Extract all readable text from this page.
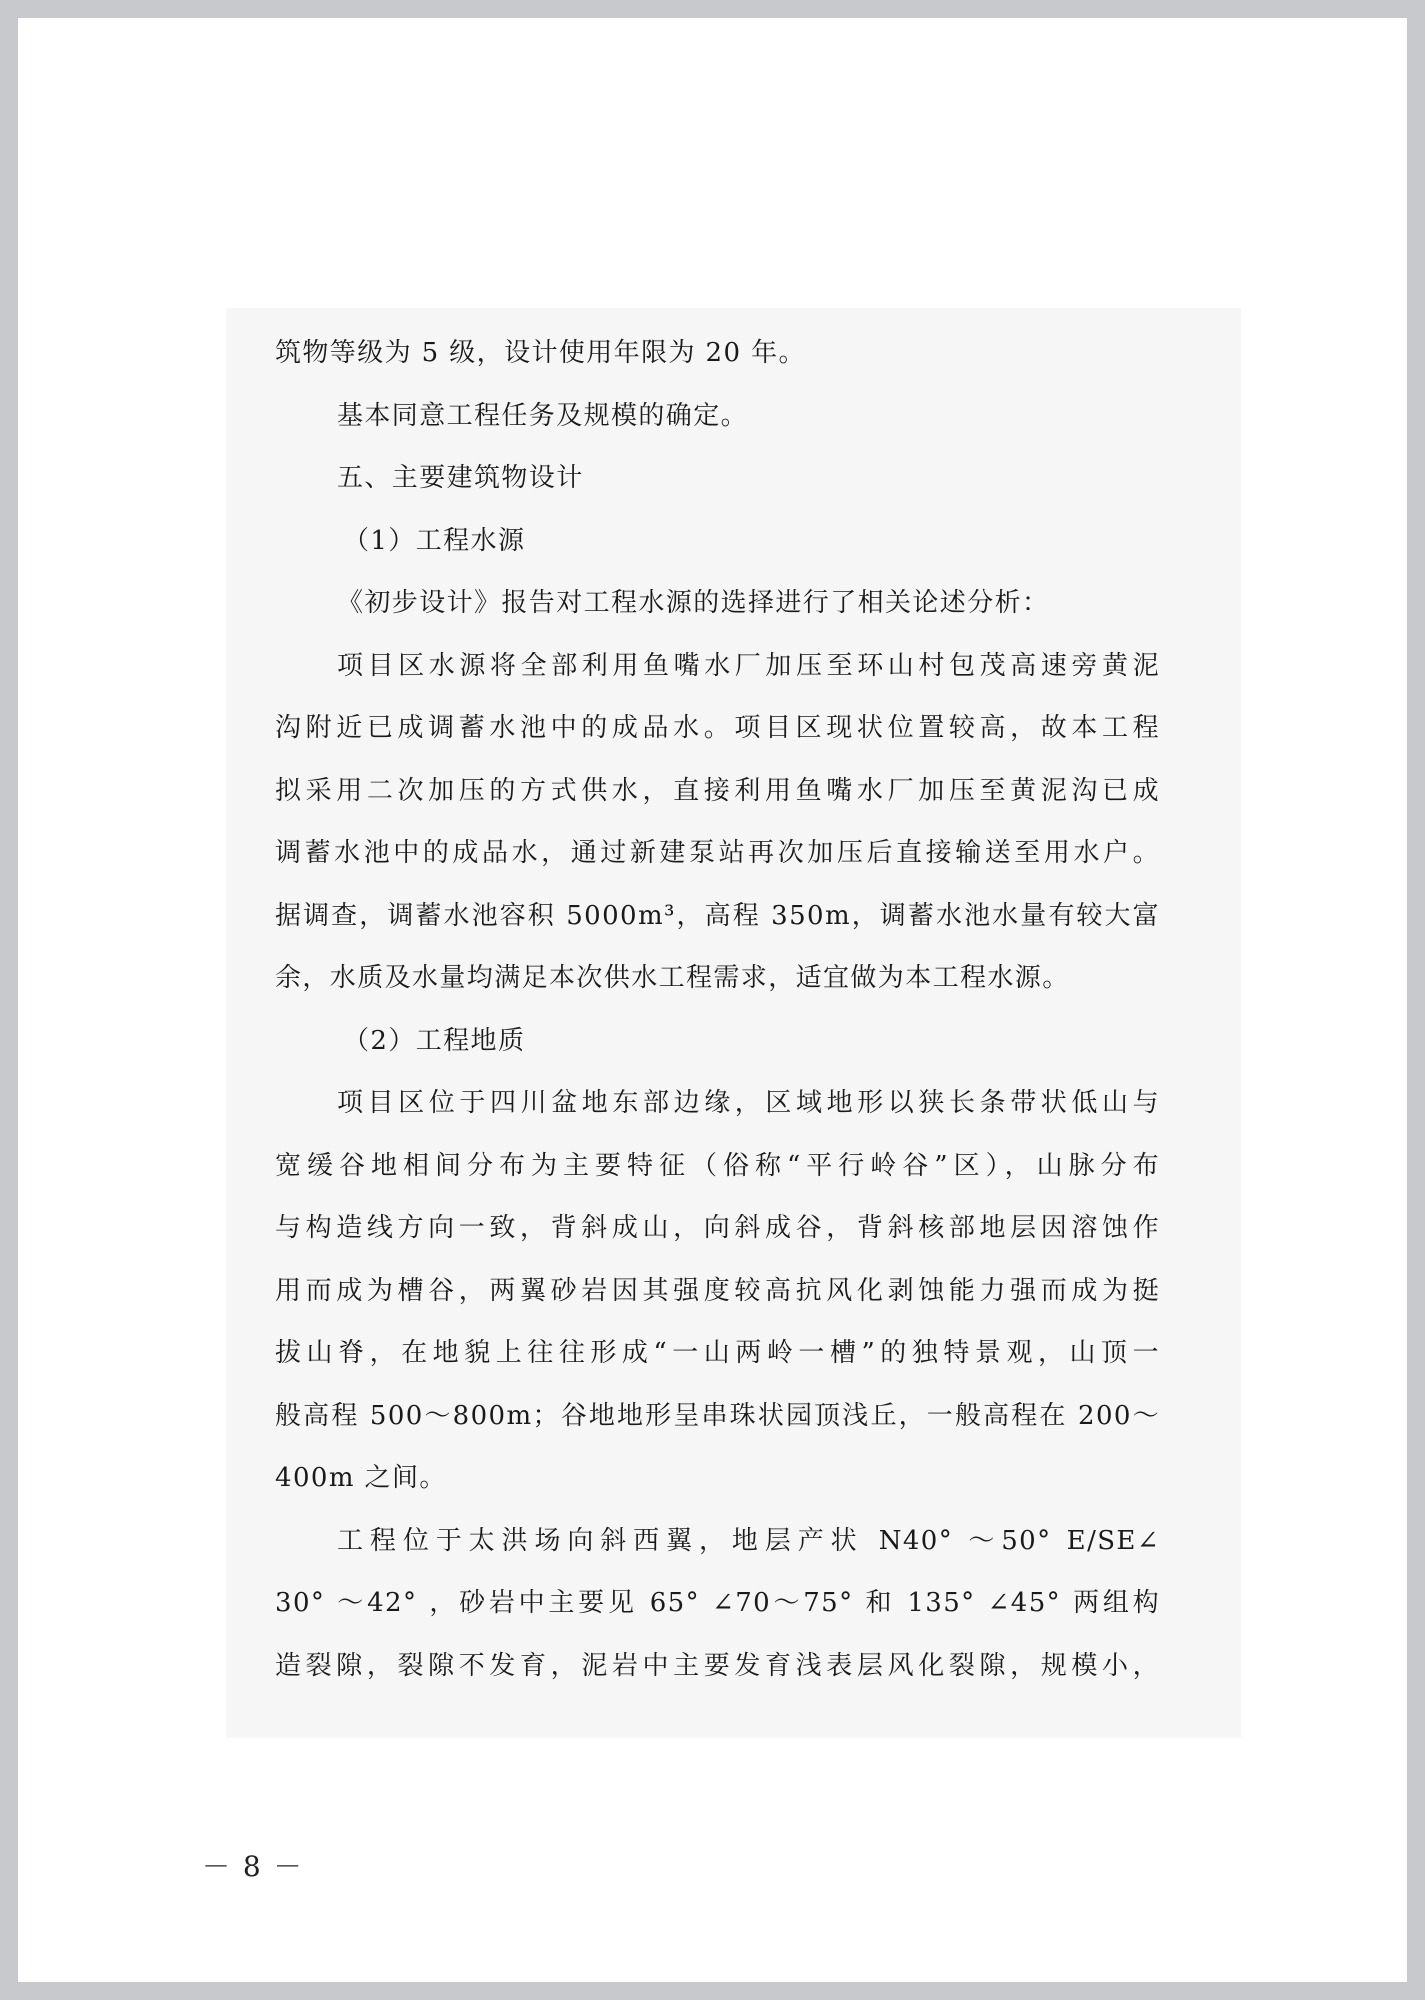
筑物等级为 5 级，设计使用年限为 20 年。
基本同意工程任务及规模的确定。
五、主要建筑物设计
（1）工程水源
《初步设计》报告对工程水源的选择进行了相关论述分析：
项目区水源将全部利用鱼嘴水厂加压至环山村包茂高速旁黄泥
沟附近已成调蓄水池中的成品水。项目区现状位置较高，故本工程
拟采用二次加压的方式供水，直接利用鱼嘴水厂加压至黄泥沟已成
调蓄水池中的成品水，通过新建泵站再次加压后直接输送至用水户。
据调查，调蓄水池容积 5000m³，高程 350m，调蓄水池水量有较大富
余，水质及水量均满足本次供水工程需求，适宜做为本工程水源。
（2）工程地质
项目区位于四川盆地东部边缘，区域地形以狭长条带状低山与
宽缓谷地相间分布为主要特征（俗称“平行岭谷”区），山脉分布
与构造线方向一致，背斜成山，向斜成谷，背斜核部地层因溶蚀作
用而成为槽谷，两翼砂岩因其强度较高抗风化剥蚀能力强而成为挺
拔山脊，在地貌上往往形成“一山两岭一槽”的独特景观，山顶一
般高程 500～800m；谷地地形呈串珠状园顶浅丘，一般高程在 200～
400m 之间。
工程位于太洪场向斜西翼，地层产状 N40° ～50° E/SE∠
30° ～42° ，砂岩中主要见 65° ∠70～75° 和 135° ∠45° 两组构
造裂隙，裂隙不发育，泥岩中主要发育浅表层风化裂隙，规模小，
－ 8 －
